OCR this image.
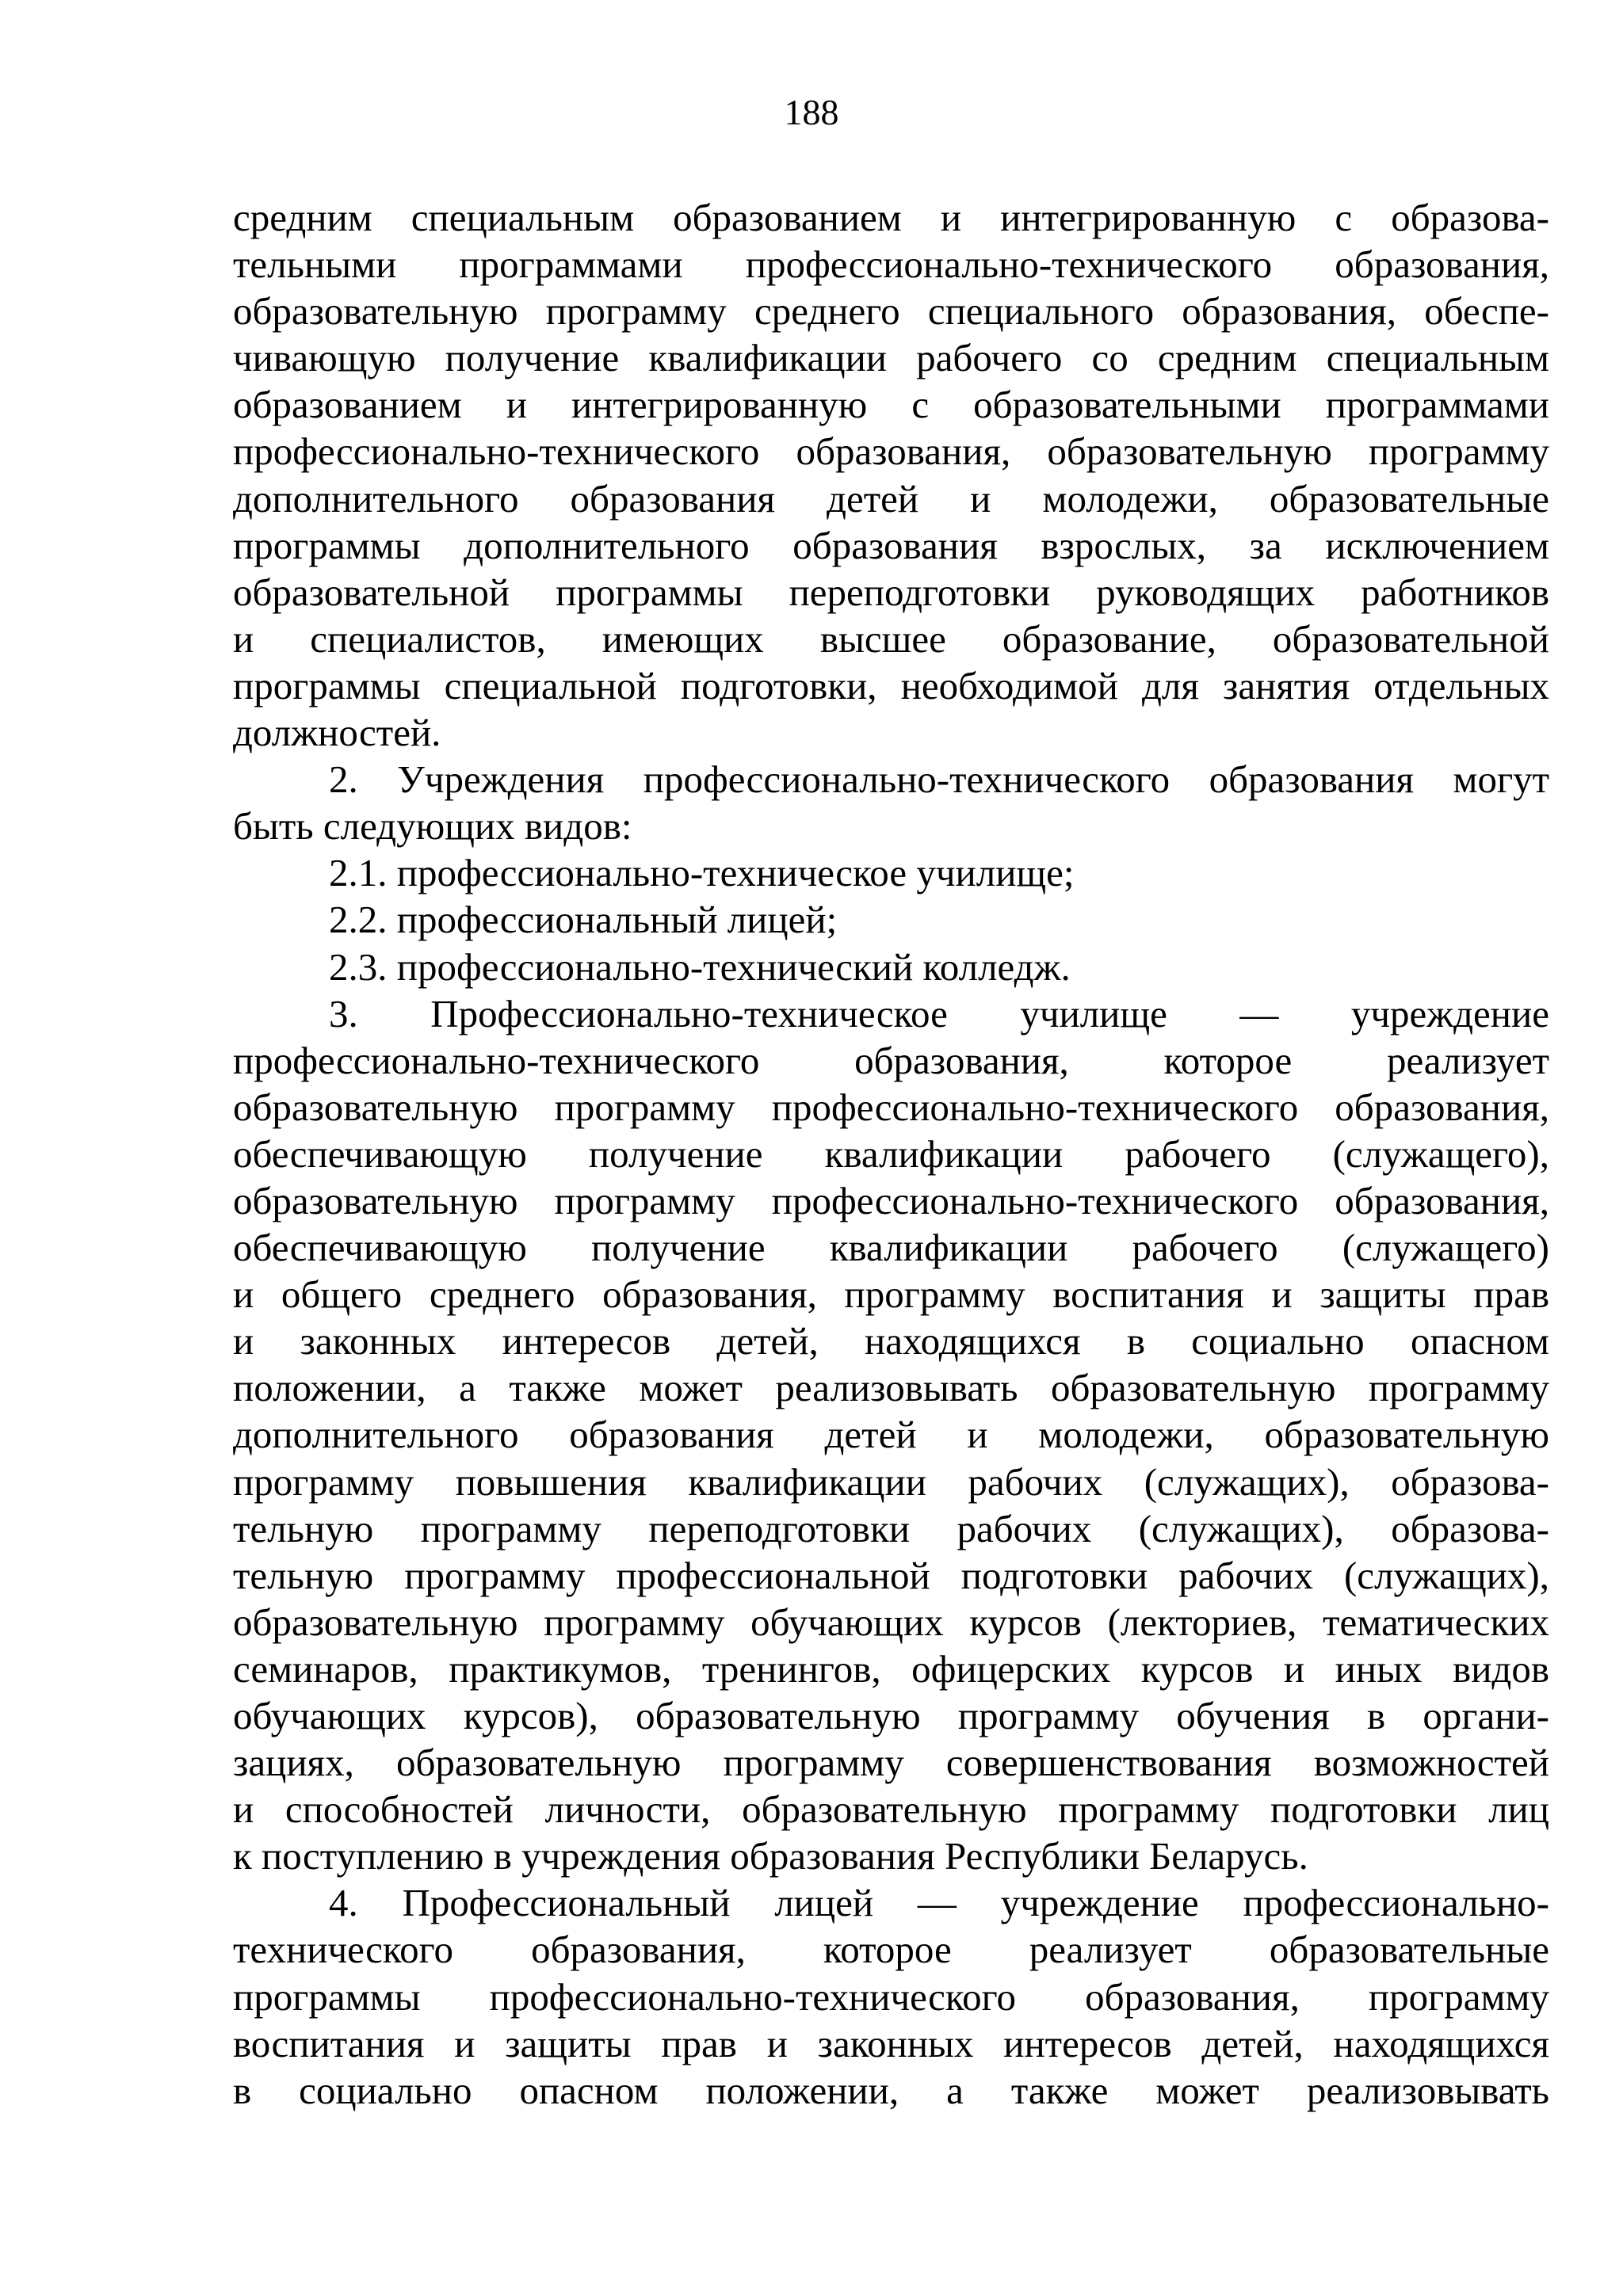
188
средним специальным образованием и интегрированную с образова-
тельными программами профессионально-технического образования,
образовательную программу среднего специального образования, обеспе-
чивающую получение квалификации рабочего со средним специальным
образованием и интегрированную с образовательными программами
профессионально-технического образования, образовательную программу
дополнительного образования детей и молодежи, образовательные
программы дополнительного образования взрослых, за исключением
образовательной программы переподготовки руководящих работников
и специалистов, имеющих высшее образование, образовательной
программы специальной подготовки, необходимой для занятия отдельных
должностей.
2. Учреждения профессионально-технического образования могут
быть следующих видов:
2.1. профессионально-техническое училище;
2.2. профессиональный лицей;
2.3. профессионально-технический колледж.
3. Профессионально-техническое училище — учреждение
профессионально-технического образования, которое реализует
образовательную программу профессионально-технического образования,
обеспечивающую получение квалификации рабочего (служащего),
образовательную программу профессионально-технического образования,
обеспечивающую получение квалификации рабочего (служащего)
и общего среднего образования, программу воспитания и защиты прав
и законных интересов детей, находящихся в социально опасном
положении, а также может реализовывать образовательную программу
дополнительного образования детей и молодежи, образовательную
программу повышения квалификации рабочих (служащих), образова-
тельную программу переподготовки рабочих (служащих), образова-
тельную программу профессиональной подготовки рабочих (служащих),
образовательную программу обучающих курсов (лекториев, тематических
семинаров, практикумов, тренингов, офицерских курсов и иных видов
обучающих курсов), образовательную программу обучения в органи-
зациях, образовательную программу совершенствования возможностей
и способностей личности, образовательную программу подготовки лиц
к поступлению в учреждения образования Республики Беларусь.
4. Профессиональный лицей — учреждение профессионально-
технического образования, которое реализует образовательные
программы профессионально-технического образования, программу
воспитания и защиты прав и законных интересов детей, находящихся
в социально опасном положении, а также может реализовывать
